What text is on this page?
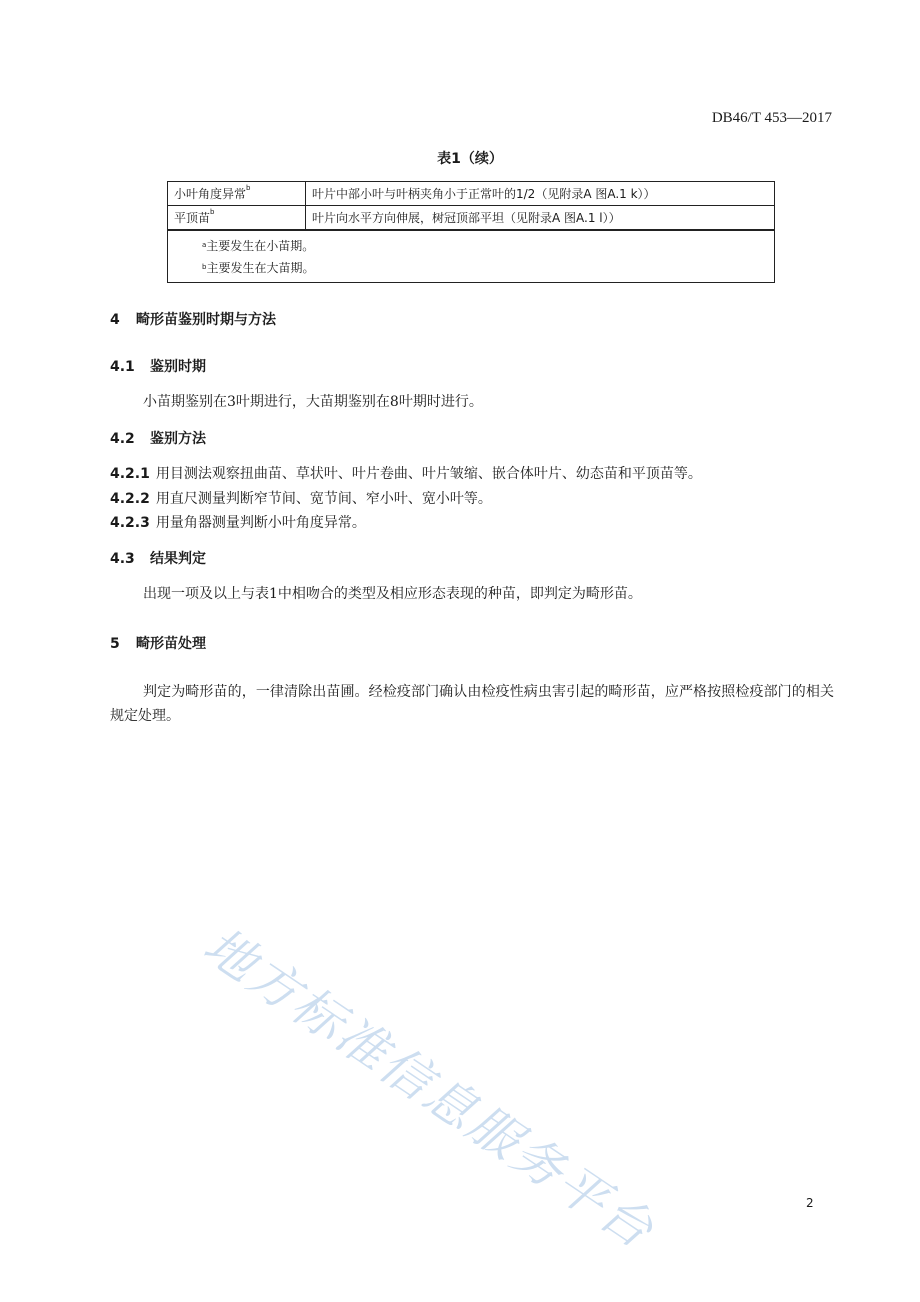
DB46/T 453—2017
表1（续）
小叶角度异常$^b$	叶片中部小叶与叶柄夹角小于正常叶的1/2（见附录A 图A.1 k））
平顶苗$^b$	叶片向水平方向伸展，树冠顶部平坦（见附录A 图A.1 l））

$^a$主要发生在小苗期。
$^b$主要发生在大苗期。	
4 畸形苗鉴别时期与方法
4.1 鉴别时期
小苗期鉴别在3叶期进行，大苗期鉴别在8叶期时进行。
4.2 鉴别方法
4.2.1 用目测法观察扭曲苗、草状叶、叶片卷曲、叶片皱缩、嵌合体叶片、幼态苗和平顶苗等。
4.2.2 用直尺测量判断窄节间、宽节间、窄小叶、宽小叶等。
4.2.3 用量角器测量判断小叶角度异常。
4.3 结果判定
出现一项及以上与表1中相吻合的类型及相应形态表现的种苗，即判定为畸形苗。
5 畸形苗处理
判定为畸形苗的，一律清除出苗圃。经检疫部门确认由检疫性病虫害引起的畸形苗，应严格按照检疫部门的相关规定处理。
地方标准信息服务平台	2
